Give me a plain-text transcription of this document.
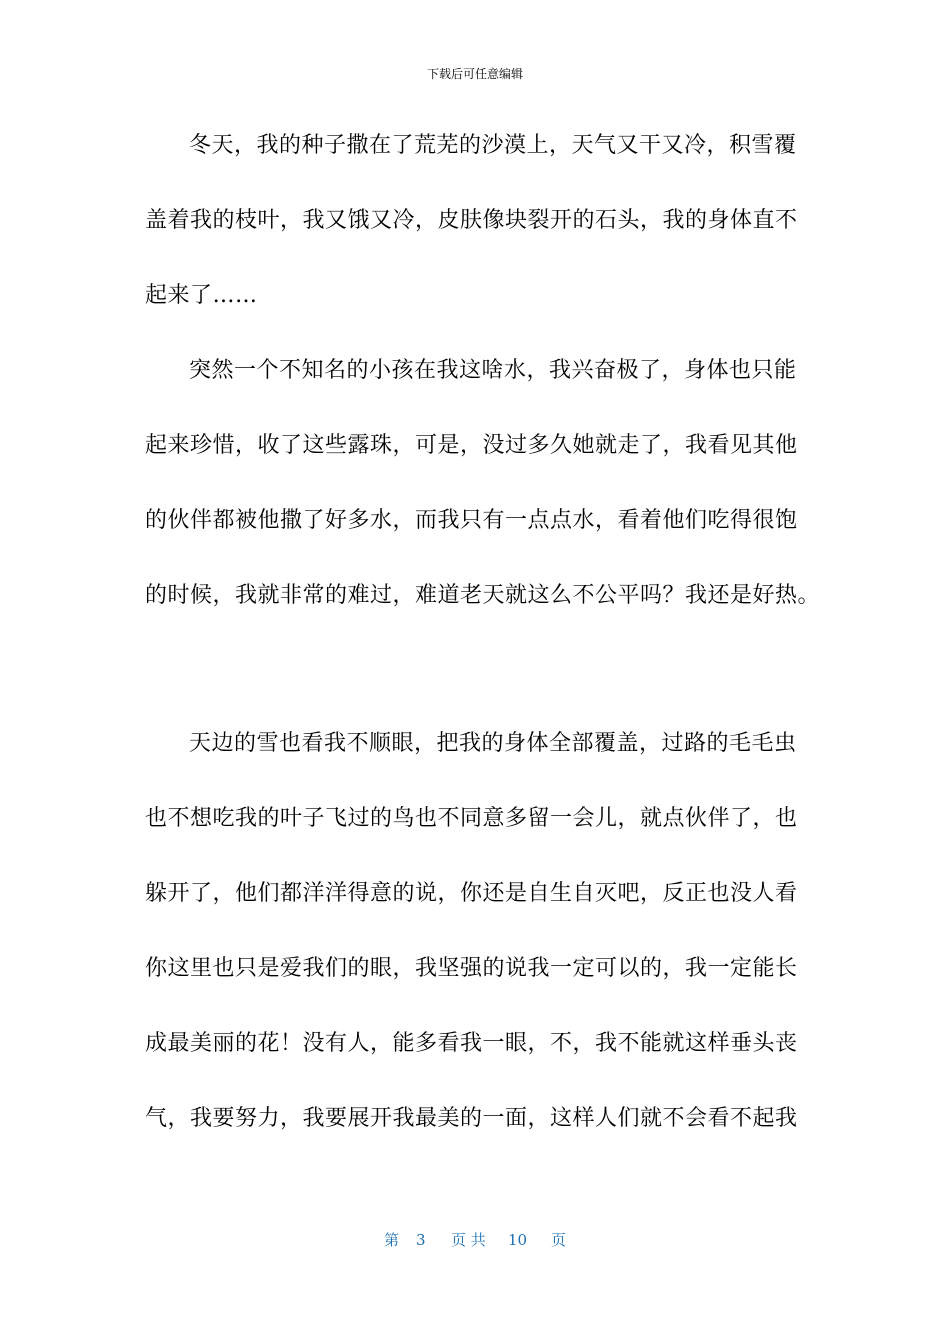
下载后可任意编辑
冬天，我的种子撒在了荒芜的沙漠上，天气又干又冷，积雪覆
盖着我的枝叶，我又饿又冷，皮肤像块裂开的石头，我的身体直不
起来了……
突然一个不知名的小孩在我这啥水，我兴奋极了，身体也只能
起来珍惜，收了这些露珠，可是，没过多久她就走了，我看见其他
的伙伴都被他撒了好多水，而我只有一点点水，看着他们吃得很饱
的时候，我就非常的难过，难道老天就这么不公平吗？我还是好热。
天边的雪也看我不顺眼，把我的身体全部覆盖，过路的毛毛虫
也不想吃我的叶子飞过的鸟也不同意多留一会儿，就点伙伴了，也
躲开了，他们都洋洋得意的说，你还是自生自灭吧，反正也没人看
你这里也只是爱我们的眼，我坚强的说我一定可以的，我一定能长
成最美丽的花！没有人，能多看我一眼，不，我不能就这样垂头丧
气，我要努力，我要展开我最美的一面，这样人们就不会看不起我
第 3 页 共 10 页
